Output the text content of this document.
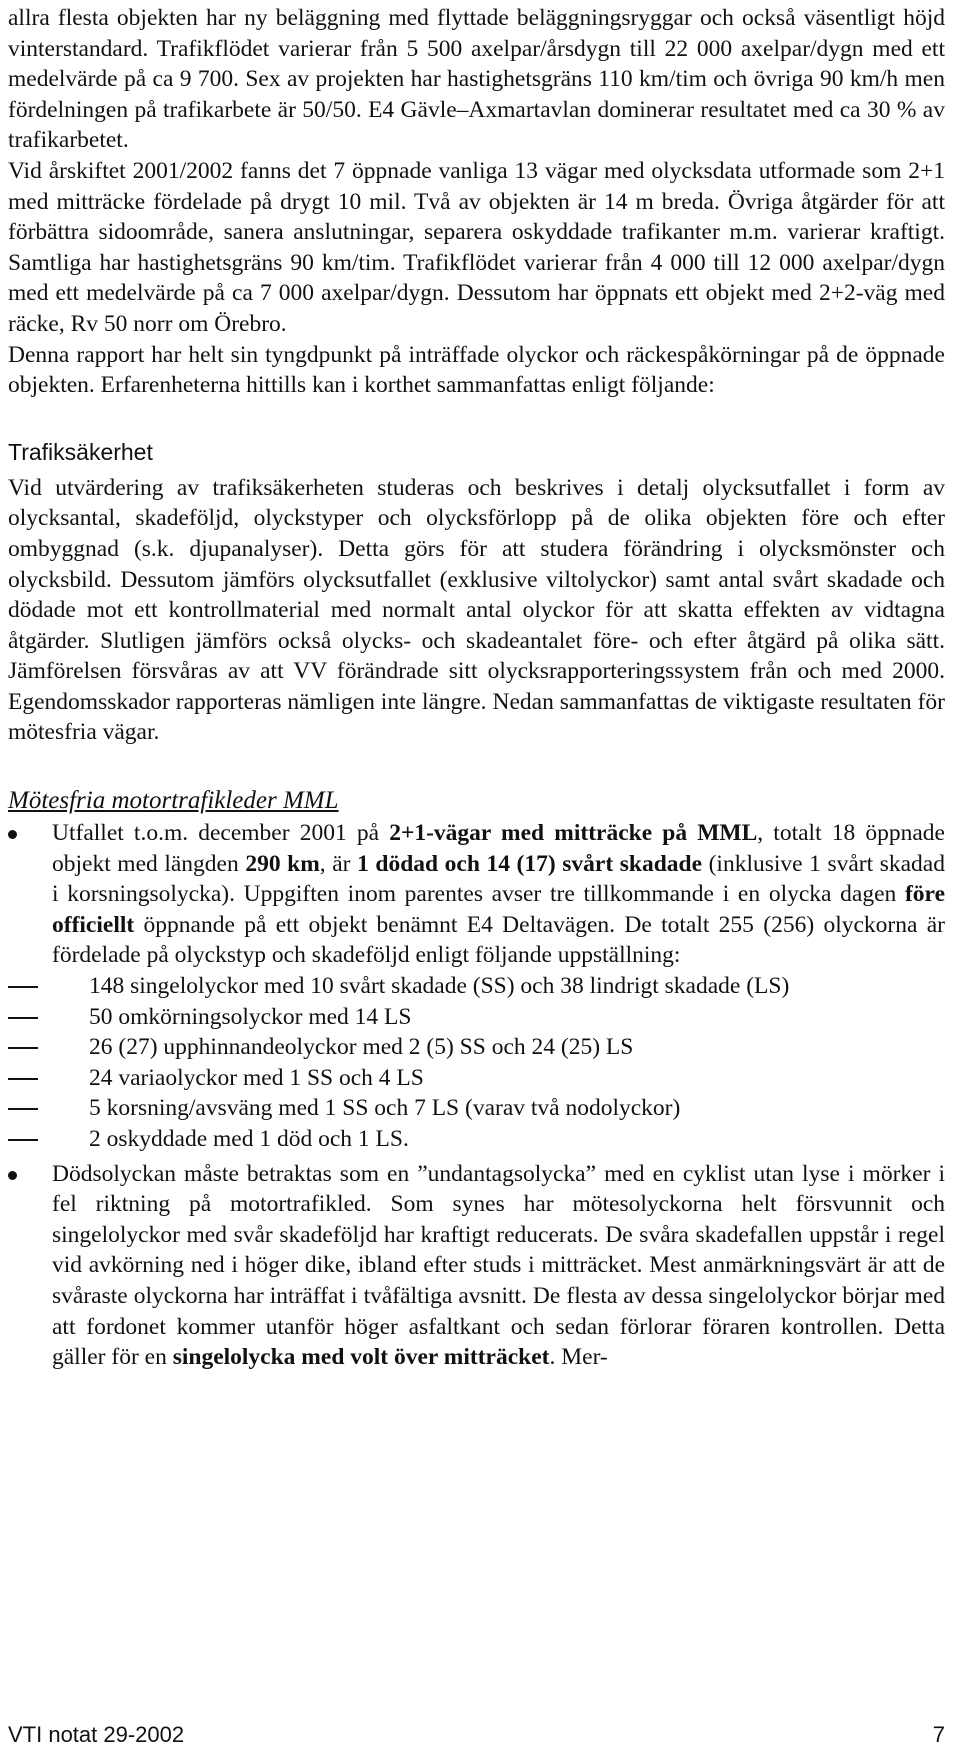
allra flesta objekten har ny beläggning med flyttade beläggningsryggar och också väsentligt höjd vinterstandard. Trafikflödet varierar från 5 500 axelpar/årsdygn till 22 000 axelpar/dygn med ett medelvärde på ca 9 700. Sex av projekten har hastighetsgräns 110 km/tim och övriga 90 km/h men fördelningen på trafikarbete är 50/50. E4 Gävle–Axmartavlan dominerar resultatet med ca 30 % av trafikarbetet.

Vid årskiftet 2001/2002 fanns det 7 öppnade vanliga 13 vägar med olycksdata utformade som 2+1 med mitträcke fördelade på drygt 10 mil. Två av objekten är 14 m breda. Övriga åtgärder för att förbättra sidoområde, sanera anslutningar, separera oskyddade trafikanter m.m. varierar kraftigt. Samtliga har hastighetsgräns 90 km/tim. Trafikflödet varierar från 4 000 till 12 000 axelpar/dygn med ett medelvärde på ca 7 000 axelpar/dygn. Dessutom har öppnats ett objekt med 2+2-väg med räcke, Rv 50 norr om Örebro.

Denna rapport har helt sin tyngdpunkt på inträffade olyckor och räckespåkörningar på de öppnade objekten. Erfarenheterna hittills kan i korthet sammanfattas enligt följande:

Trafiksäkerhet

Vid utvärdering av trafiksäkerheten studeras och beskrives i detalj olycksutfallet i form av olycksantal, skadeföljd, olyckstyper och olycksförlopp på de olika objekten före och efter ombyggnad (s.k. djupanalyser). Detta görs för att studera förändring i olycksmönster och olycksbild. Dessutom jämförs olycksutfallet (exklusive viltolyckor) samt antal svårt skadade och dödade mot ett kontrollmaterial med normalt antal olyckor för att skatta effekten av vidtagna åtgärder. Slutligen jämförs också olycks- och skadeantalet före- och efter åtgärd på olika sätt. Jämförelsen försvåras av att VV förändrade sitt olycksrapporteringssystem från och med 2000. Egendomsskador rapporteras nämligen inte längre. Nedan sammanfattas de viktigaste resultaten för mötesfria vägar.

Mötesfria motortrafikleder MML

Utfallet t.o.m. december 2001 på 2+1-vägar med mitträcke på MML, totalt 18 öppnade objekt med längden 290 km, är 1 dödad och 14 (17) svårt skadade (inklusive 1 svårt skadad i korsningsolycka). Uppgiften inom parentes avser tre tillkommande i en olycka dagen före officiellt öppnande på ett objekt benämnt E4 Deltavägen. De totalt 255 (256) olyckorna är fördelade på olyckstyp och skadeföljd enligt följande uppställning:

148 singelolyckor med 10 svårt skadade (SS) och 38 lindrigt skadade (LS)
50 omkörningsolyckor med 14 LS
26 (27) upphinnandeolyckor med 2 (5) SS och 24 (25) LS
24 variaolyckor med 1 SS och 4 LS
5 korsning/avsväng med 1 SS och 7 LS (varav två nodolyckor)
2 oskyddade med 1 död och 1 LS.

Dödsolyckan måste betraktas som en ”undantagsolycka” med en cyklist utan lyse i mörker i fel riktning på motortrafikled. Som synes har mötesolyckorna helt försvunnit och singelolyckor med svår skadeföljd har kraftigt reducerats. De svåra skadefallen uppstår i regel vid avkörning ned i höger dike, ibland efter studs i mitträcket. Mest anmärkningsvärt är att de svåraste olyckorna har inträffat i tvåfältiga avsnitt. De flesta av dessa singelolyckor börjar med att fordonet kommer utanför höger asfaltkant och sedan förlorar föraren kontrollen. Detta gäller för en singelolycka med volt över mitträcket. Mer-

VTI notat 29-2002	7
